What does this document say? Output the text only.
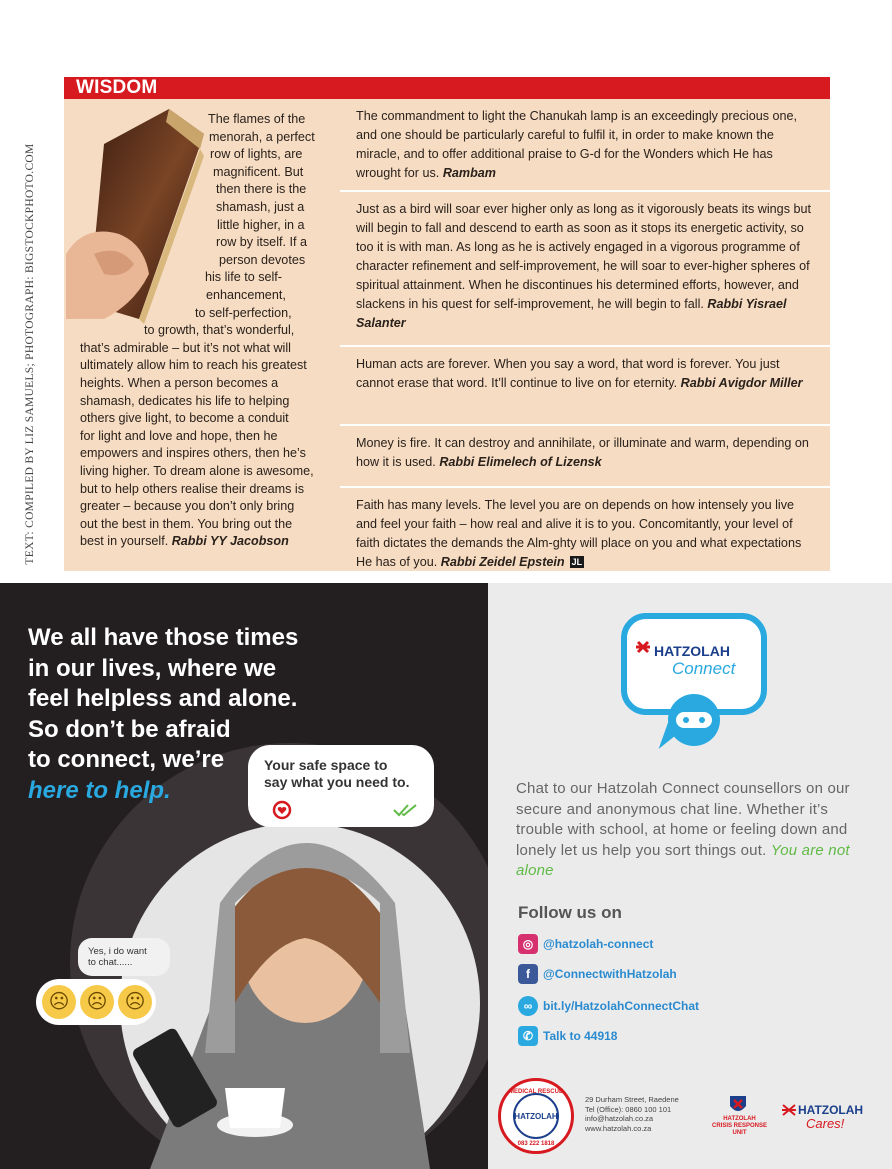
TEXT: COMPILED BY LIZ SAMUELS; PHOTOGRAPH: BIGSTOCKPHOTO.COM
WISDOM
The flames of the
menorah, a perfect
row of lights, are
magnificent. But
then there is the
shamash, just a
little higher, in a
row by itself. If a
person devotes
his life to self-
enhancement,
to self-perfection,
to growth, that’s wonderful,
that’s admirable – but it’s not what will
ultimately allow him to reach his greatest
heights. When a person becomes a
shamash, dedicates his life to helping
others give light, to become a conduit
for light and love and hope, then he
empowers and inspires others, then he’s
living higher. To dream alone is awesome,
but to help others realise their dreams is
greater – because you don’t only bring
out the best in them. You bring out the
best in yourself. Rabbi YY Jacobson
The commandment to light the Chanukah lamp is an exceedingly precious one, and one should be particularly careful to fulfil it, in order to make known the miracle, and to offer additional praise to G-d for the Wonders which He has wrought for us. Rambam
Just as a bird will soar ever higher only as long as it vigorously beats its wings but will begin to fall and descend to earth as soon as it stops its energetic activity, so too it is with man. As long as he is actively engaged in a vigorous programme of character refinement and self-improvement, he will soar to ever-higher spheres of spiritual attainment. When he discontinues his determined efforts, however, and slackens in his quest for self-improvement, he will begin to fall. Rabbi Yisrael Salanter
Human acts are forever. When you say a word, that word is forever. You just cannot erase that word. It’ll continue to live on for eternity. Rabbi Avigdor Miller
Money is fire. It can destroy and annihilate, or illuminate and warm, depending on how it is used. Rabbi Elimelech of Lizensk
Faith has many levels. The level you are on depends on how intensely you live and feel your faith – how real and alive it is to you. Concomitantly, your level of faith dictates the demands the Alm-ghty will place on you and what expectations He has of you. Rabbi Zeidel Epstein JL
We all have those times
in our lives, where we
feel helpless and alone.
So don’t be afraid
to connect, we’re
here to help.
Your safe space to
say what you need to.
Yes, i do want
to chat......
☹ ☹ ☹
HATZOLAH
Connect
Chat to our Hatzolah Connect counsellors on our secure and anonymous chat line. Whether it’s trouble with school, at home or feeling down and lonely let us help you sort things out. You are not alone
Follow us on
◎ @hatzolah-connect
f	@ConnectwithHatzolah
∞ bit.ly/HatzolahConnectChat
✆ Talk to 44918
MEDICAL RESCUE
HATZOLAH
083 222 1818
29 Durham Street, Raedene
Tel (Office): 0860 100 101
info@hatzolah.co.za
www.hatzolah.co.za
HATZOLAH
CRISIS RESPONSE
UNIT
HATZOLAH
Cares!
